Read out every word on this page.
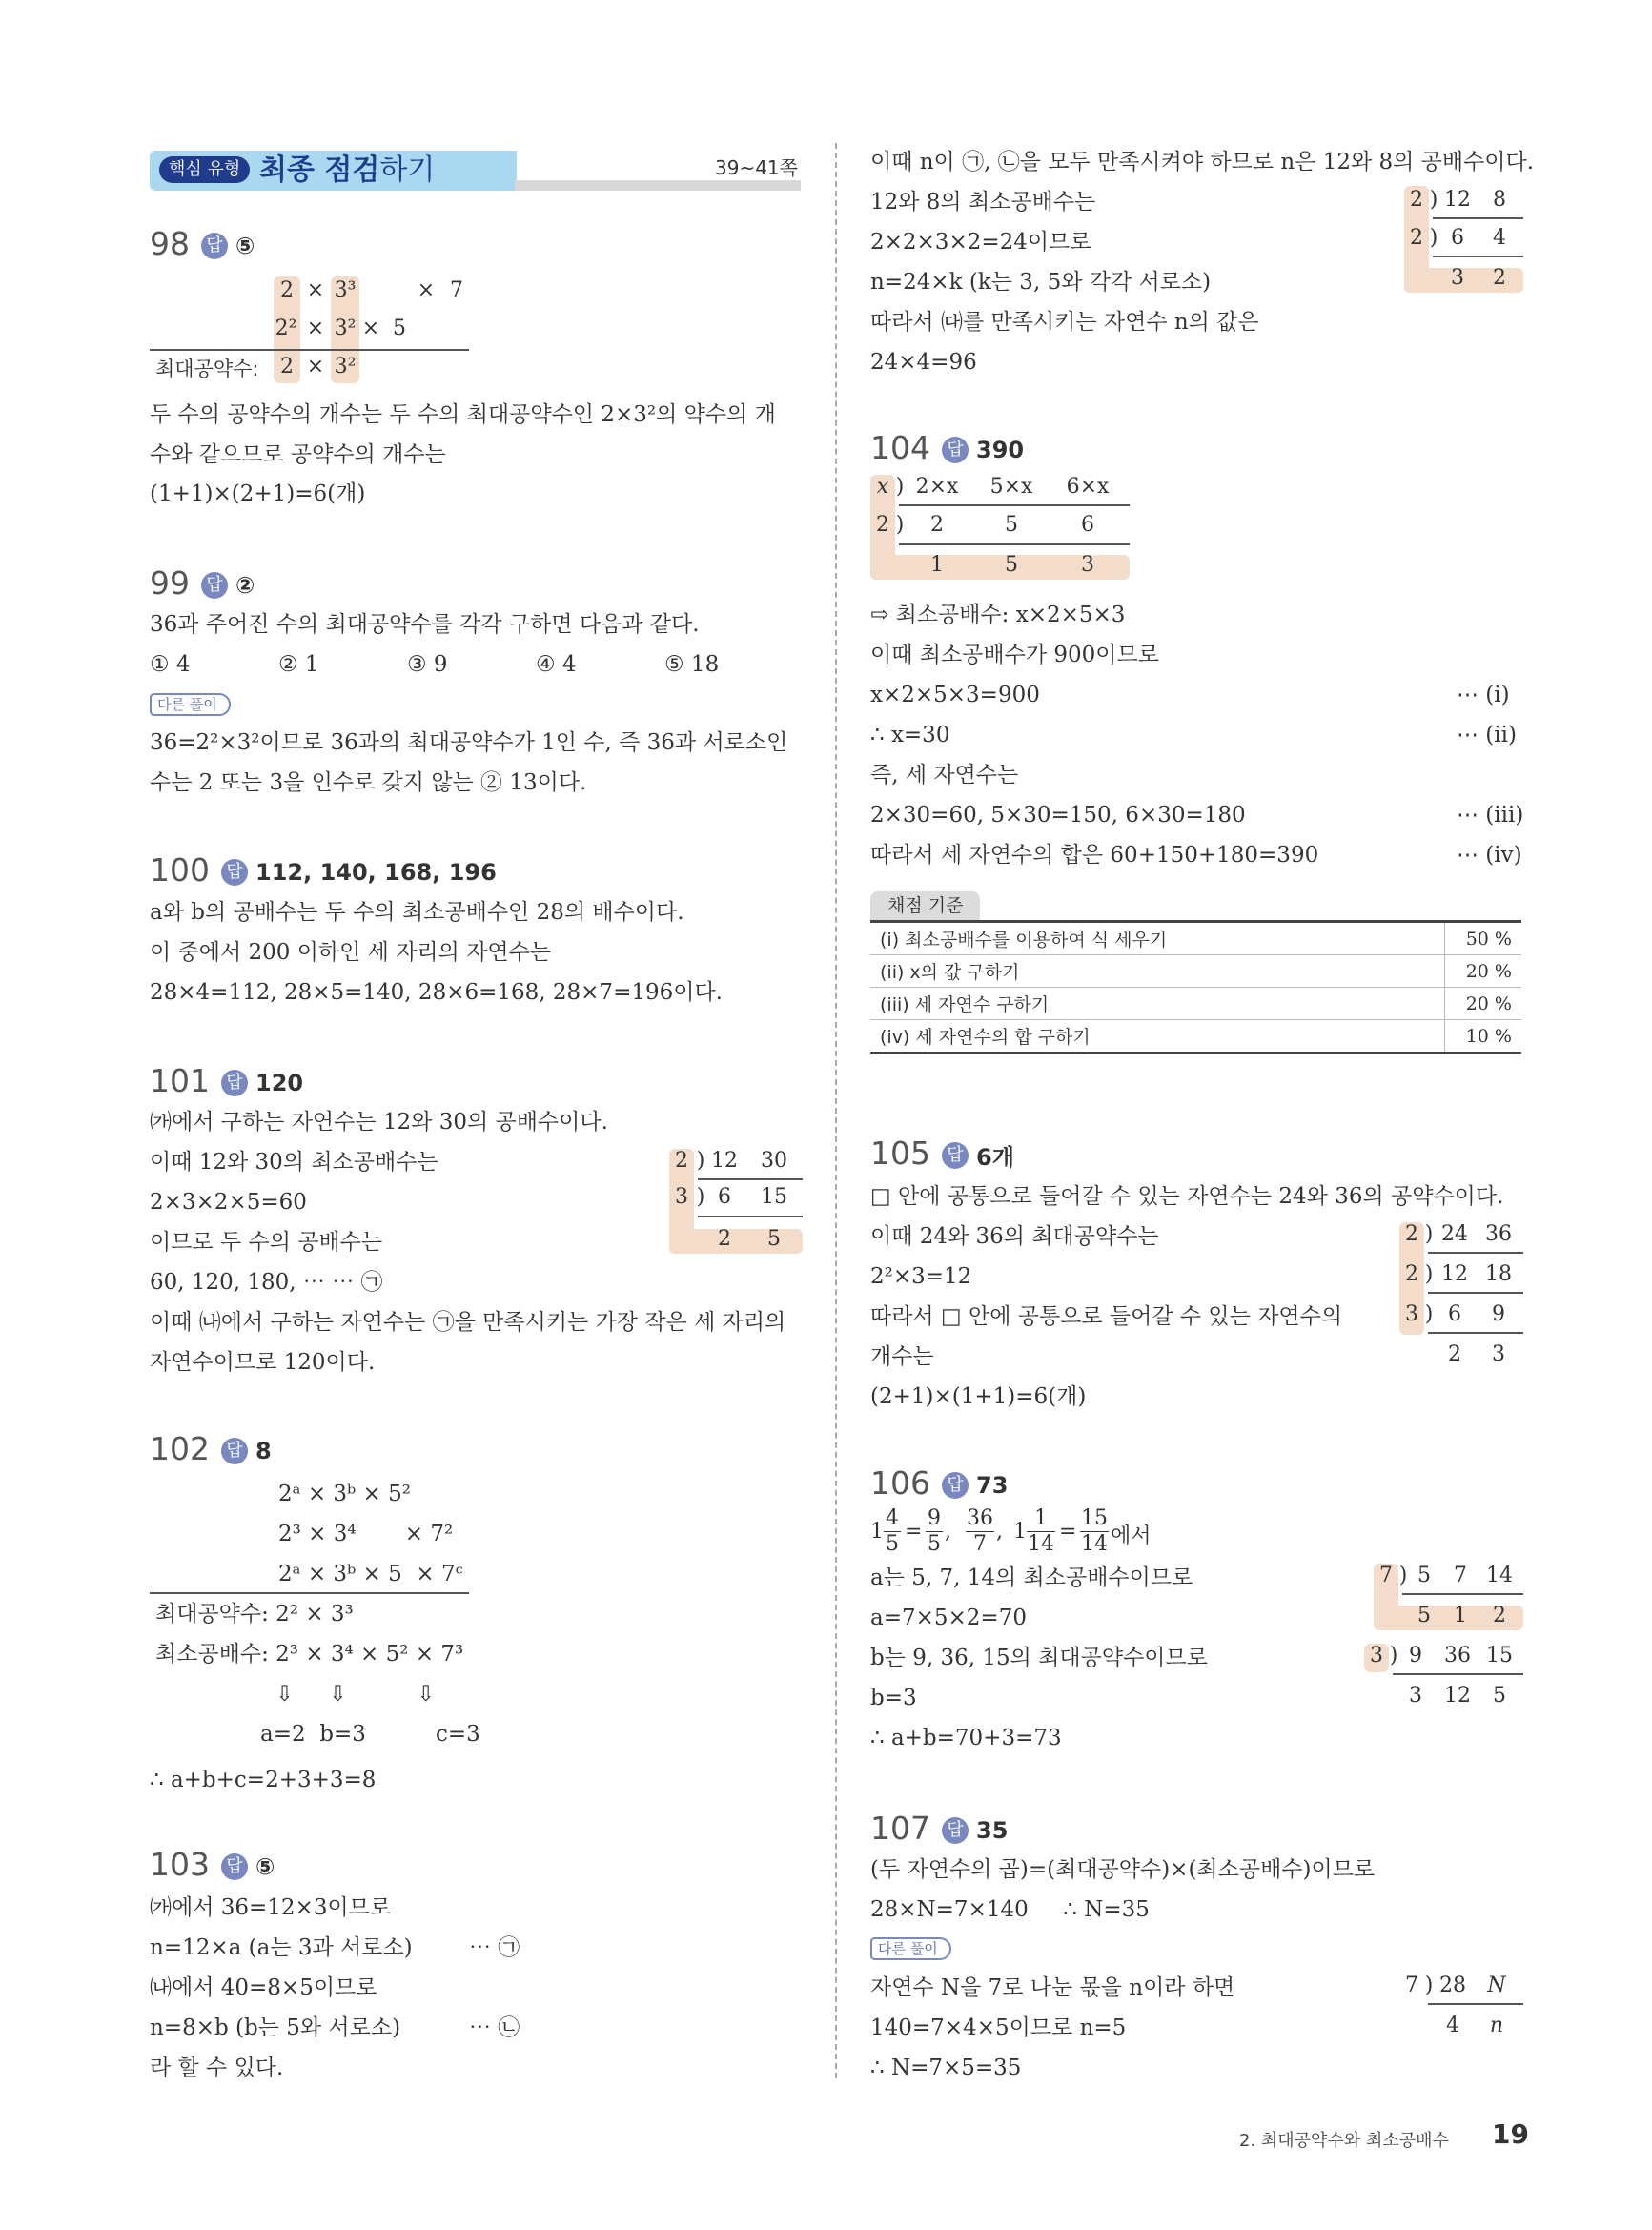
핵심 유형 최종 점검하기	39~41쪽
98 답 ⑤
2 × 3³	× 7
2² × 3² × 5
최대공약수: 2 × 3²
두 수의 공약수의 개수는 두 수의 최대공약수인 2×3²의 약수의 개
수와 같으므로 공약수의 개수는
(1+1)×(2+1)=6(개)
99 답 ②
36과 주어진 수의 최대공약수를 각각 구하면 다음과 같다.
① 4	② 1	③ 9	④ 4	⑤ 18
다른 풀이
36=2²×3²이므로 36과의 최대공약수가 1인 수, 즉 36과 서로소인
수는 2 또는 3을 인수로 갖지 않는 ② 13이다.
100 답 112, 140, 168, 196
a와 b의 공배수는 두 수의 최소공배수인 28의 배수이다.
이 중에서 200 이하인 세 자리의 자연수는
28×4=112, 28×5=140, 28×6=168, 28×7=196이다.
101 답 120
㈎에서 구하는 자연수는 12와 30의 공배수이다.
이때 12와 30의 최소공배수는
2×3×2×5=60
이므로 두 수의 공배수는
60, 120, 180, ⋯ ⋯ ㉠
이때 ㈏에서 구하는 자연수는 ㉠을 만족시키는 가장 작은 세 자리의
자연수이므로 120이다.
2 ) 12 30
3 ) 6	15
2	5
102 답 8
2ᵃ × 3ᵇ × 5²
2³ × 3⁴       × 7²
2ᵃ × 3ᵇ × 5  × 7ᶜ
최대공약수: 2² × 3³
최소공배수: 2³ × 3⁴ × 5² × 7³
⇩     ⇩          ⇩
a=2  b=3          c=3
∴ a+b+c=2+3+3=8
103 답 ⑤
㈎에서 36=12×3이므로
n=12×a (a는 3과 서로소)	⋯ ㉠
㈏에서 40=8×5이므로
n=8×b (b는 5와 서로소)	⋯ ㉡
라 할 수 있다.
이때 n이 ㉠, ㉡을 모두 만족시켜야 하므로 n은 12와 8의 공배수이다.
12와 8의 최소공배수는
2×2×3×2=24이므로
n=24×k (k는 3, 5와 각각 서로소)
따라서 ㈐를 만족시키는 자연수 n의 값은
24×4=96
2 ) 12	8
2 ) 6	4
3	2
104 답 390
x ) 2×x	5×x	6×x
2 )	2	5	6
1	5	3
⇨ 최소공배수: x×2×5×3
이때 최소공배수가 900이므로
x×2×5×3=900	⋯ (i)
∴ x=30	⋯ (ii)
즉, 세 자연수는
2×30=60, 5×30=150, 6×30=180	⋯ (iii)
따라서 세 자연수의 합은 60+150+180=390	⋯ (iv)
채점 기준
(i) 최소공배수를 이용하여 식 세우기	50 %
(ii) x의 값 구하기	20 %
(iii) 세 자연수 구하기	20 %
(iv) 세 자연수의 합 구하기	10 %
105 답 6개
□ 안에 공통으로 들어갈 수 있는 자연수는 24와 36의 공약수이다.
이때 24와 36의 최대공약수는
2²×3=12
따라서 □ 안에 공통으로 들어갈 수 있는 자연수의
개수는
(2+1)×(1+1)=6(개)
2 ) 24 36
2 ) 12 18
3 ) 6	9
2	3
106 답 73
1
4
5
=
9
5
,
36
7
, 1
1
14
=
15
14 에서
a는 5, 7, 14의 최소공배수이므로
a=7×5×2=70
b는 9, 36, 15의 최대공약수이므로
b=3
∴ a+b=70+3=73
7 ) 5	7 14
5	1	2
3 ) 9	36 15
3	12	5
107 답 35
(두 자연수의 곱)=(최대공약수)×(최소공배수)이므로
28×N=7×140     ∴ N=35
다른 풀이
자연수 N을 7로 나눈 몫을 n이라 하면
140=7×4×5이므로 n=5
∴ N=7×5=35
7 ) 28	N
4	n
2. 최대공약수와 최소공배수 19
